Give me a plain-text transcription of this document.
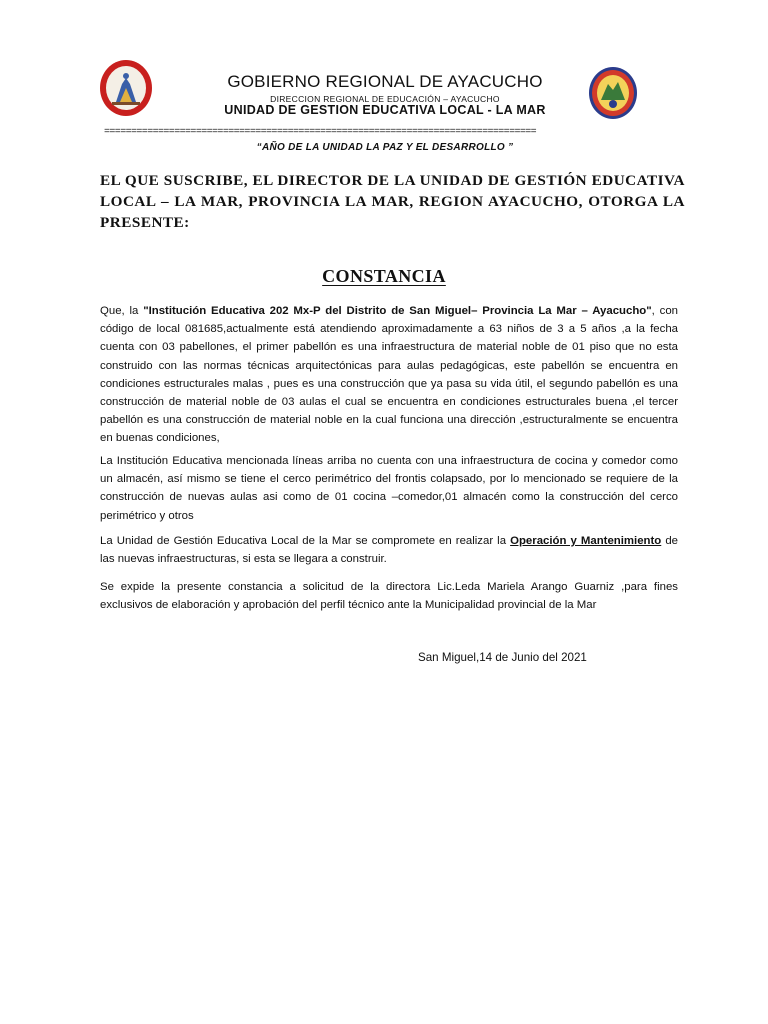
GOBIERNO REGIONAL DE AYACUCHO
DIRECCION REGIONAL DE EDUCACIÓN – AYACUCHO
UNIDAD DE GESTION EDUCATIVA LOCAL - LA MAR
================================================================================
“AÑO DE LA UNIDAD LA PAZ Y EL DESARROLLO ”
EL QUE SUSCRIBE, EL DIRECTOR DE LA UNIDAD DE GESTIÓN EDUCATIVA LOCAL – LA MAR, PROVINCIA LA MAR, REGION AYACUCHO, OTORGA LA PRESENTE:
CONSTANCIA
Que, la "Institución Educativa 202 Mx-P del Distrito de San Miguel– Provincia La Mar – Ayacucho", con código de local 081685,actualmente está atendiendo aproximadamente a 63 niños de 3 a 5 años ,a la fecha cuenta con 03 pabellones, el primer pabellón es una infraestructura de material noble de 01 piso que no esta construido con las normas técnicas arquitectónicas para aulas pedagógicas, este pabellón se encuentra en condiciones estructurales malas , pues es una construcción que ya pasa su vida útil, el segundo pabellón es una construcción de material noble de 03 aulas el cual se encuentra en condiciones estructurales buena ,el tercer pabellón es una construcción de material noble en la cual funciona una dirección ,estructuralmente se encuentra en buenas condiciones,
La Institución Educativa mencionada líneas arriba no cuenta con una infraestructura de cocina y comedor como un almacén, así mismo se tiene el cerco perimétrico del frontis colapsado, por lo mencionado se requiere de la construcción de nuevas aulas asi como de 01 cocina –comedor,01 almacén como la construcción del cerco perimétrico y otros
La Unidad de Gestión Educativa Local de la Mar se compromete en realizar la Operación y Mantenimiento de las nuevas infraestructuras, si esta se llegara a construir.
Se expide la presente constancia a solicitud de la directora Lic.Leda Mariela Arango Guarniz ,para fines exclusivos de elaboración y aprobación del perfil técnico ante la Municipalidad provincial de la Mar
San Miguel,14 de Junio del 2021
